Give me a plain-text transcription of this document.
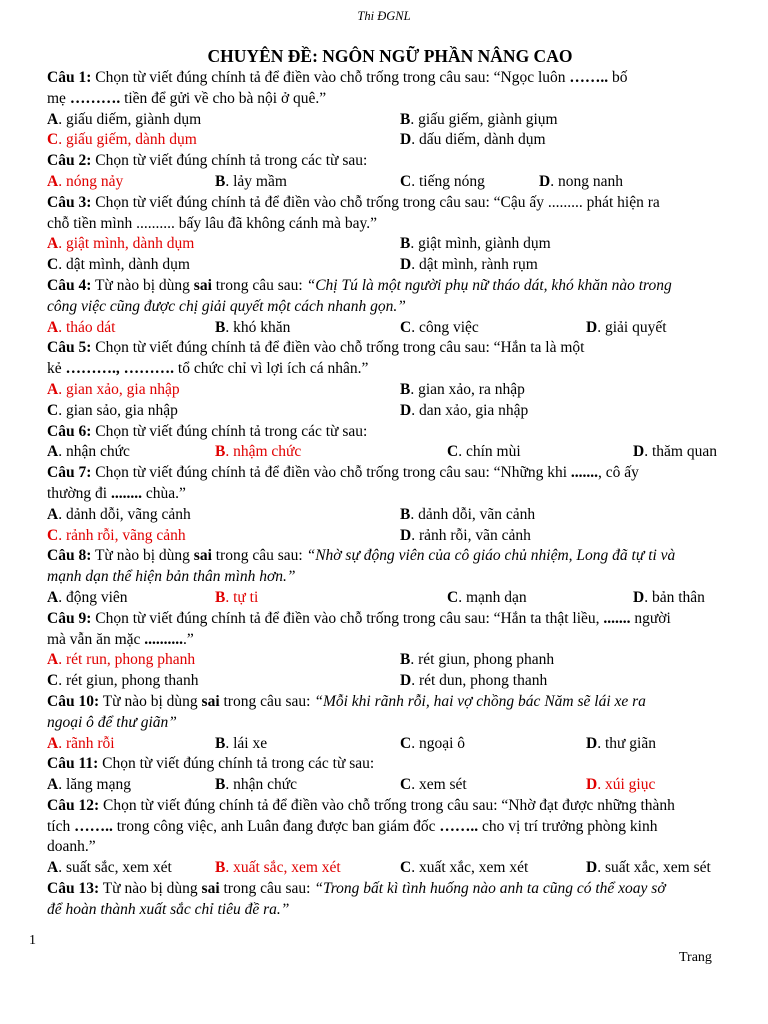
Thi ĐGNL
CHUYÊN ĐỀ: NGÔN NGỮ PHẦN NÂNG CAO
Câu 1: Chọn từ viết đúng chính tả để điền vào chỗ trống trong câu sau: “Ngọc luôn …….. bố
mẹ ………. tiền để gửi về cho bà nội ở quê.”
A. giấu diếm, giành dụm	B. giấu giếm, giành giụm
C. giấu giếm, dành dụm	D. dấu diếm, dành dụm
Câu 2: Chọn từ viết đúng chính tả trong các từ sau:
A. nóng nảy	B. lảy mầm	C. tiếng nóng	D. nong nanh
Câu 3: Chọn từ viết đúng chính tả để điền vào chỗ trống trong câu sau: “Cậu ấy ......... phát hiện ra
chỗ tiền mình .......... bấy lâu đã không cánh mà bay.”
A. giật mình, dành dụm	B. giật mình, giành dụm
C. dật mình, dành dụm	D. dật mình, rành rụm
Câu 4: Từ nào bị dùng sai trong câu sau: “Chị Tú là một người phụ nữ tháo dát, khó khăn nào trong
công việc cũng được chị giải quyết một cách nhanh gọn.”
A. tháo dát	B. khó khăn	C. công việc	D. giải quyết
Câu 5: Chọn từ viết đúng chính tả để điền vào chỗ trống trong câu sau: “Hắn ta là một
kẻ ………., ………. tổ chức chỉ vì lợi ích cá nhân.”
A. gian xảo, gia nhập	B. gian xảo, ra nhập
C. gian sảo, gia nhập	D. dan xảo, gia nhập
Câu 6: Chọn từ viết đúng chính tả trong các từ sau:
A. nhận chức	B. nhậm chức	C. chín mùi	D. thăm quan
Câu 7: Chọn từ viết đúng chính tả để điền vào chỗ trống trong câu sau: “Những khi ......., cô ấy
thường đi ........ chùa.”
A. dảnh dỗi, vãng cảnh	B. dảnh dỗi, vãn cảnh
C. rảnh rỗi, vãng cảnh	D. rảnh rỗi, vãn cảnh
Câu 8: Từ nào bị dùng sai trong câu sau: “Nhờ sự động viên của cô giáo chủ nhiệm, Long đã tự ti và
mạnh dạn thể hiện bản thân mình hơn.”
A. động viên	B. tự ti	C. mạnh dạn	D. bản thân
Câu 9: Chọn từ viết đúng chính tả để điền vào chỗ trống trong câu sau: “Hắn ta thật liều, ....... người
mà vẫn ăn mặc ...........”
A. rét run, phong phanh	B. rét giun, phong phanh
C. rét giun, phong thanh	D. rét dun, phong thanh
Câu 10: Từ nào bị dùng sai trong câu sau: “Mỗi khi rãnh rỗi, hai vợ chồng bác Năm sẽ lái xe ra
ngoại ô để thư giãn”
A. rãnh rỗi	B. lái xe	C. ngoại ô	D. thư giãn
Câu 11: Chọn từ viết đúng chính tả trong các từ sau:
A. lăng mạng	B. nhận chức	C. xem sét	D. xúi giục
Câu 12: Chọn từ viết đúng chính tả để điền vào chỗ trống trong câu sau: “Nhờ đạt được những thành
tích …….. trong công việc, anh Luân đang được ban giám đốc …….. cho vị trí trưởng phòng kinh
doanh.”
A. suất sắc, xem xét	B. xuất sắc, xem xét	C. xuất xắc, xem xét	D. suất xắc, xem sét
Câu 13: Từ nào bị dùng sai trong câu sau: “Trong bất kì tình huống nào anh ta cũng có thể xoay sở
để hoàn thành xuất sắc chỉ tiêu đề ra.”
1
Trang
